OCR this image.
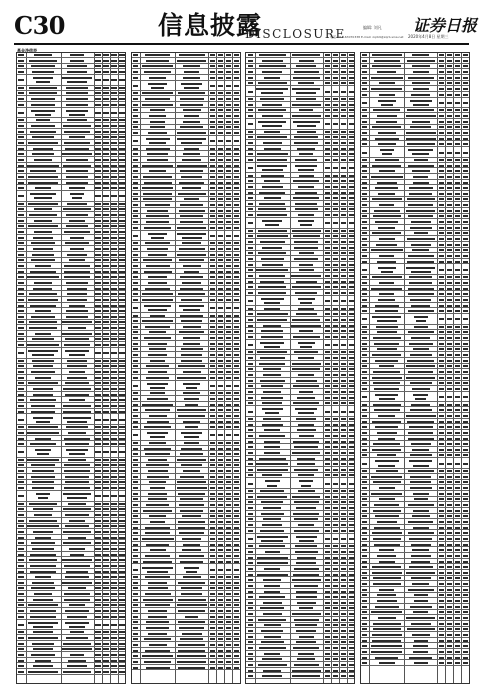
C30	信息披露
DISCLOSURE	编辑: 刘凡
电话: 010-63070338 E-mail: zqrb9@zqrb.sina.net 2020年4月8日 星期三
证券日报
基金净值表
